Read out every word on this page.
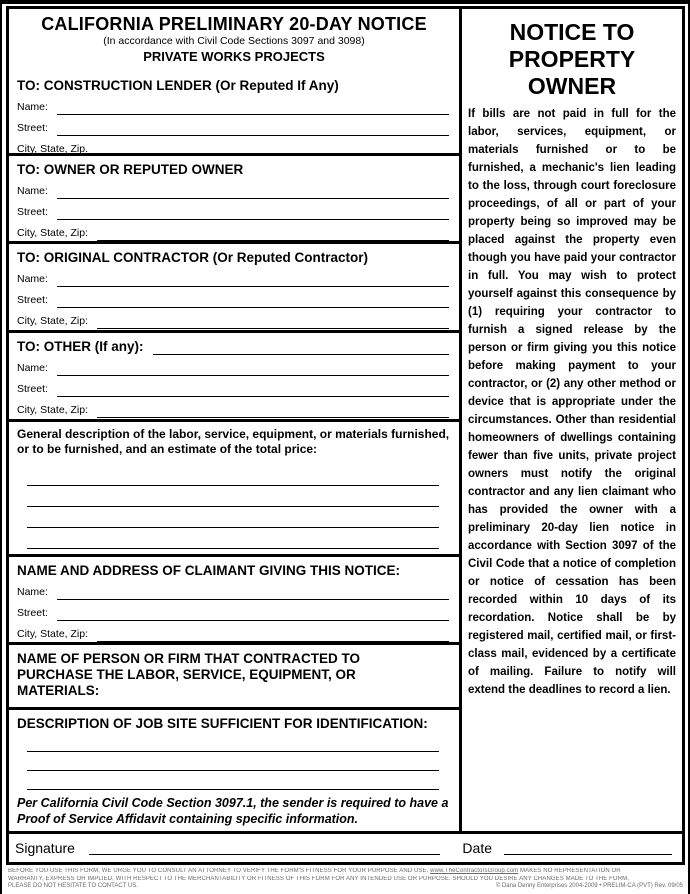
CALIFORNIA PRELIMINARY 20-DAY NOTICE
(In accordance with Civil Code Sections 3097 and 3098)
PRIVATE WORKS PROJECTS
TO: CONSTRUCTION LENDER (Or Reputed If Any)
Name:
Street:
City, State, Zip.
TO: OWNER OR REPUTED OWNER
Name:
Street:
City, State, Zip:
TO: ORIGINAL CONTRACTOR (Or Reputed Contractor)
Name:
Street:
City, State, Zip:
TO: OTHER (If any):
Name:
Street:
City, State, Zip:
General description of the labor, service, equipment, or materials furnished, or to be furnished, and an estimate of the total price:
NAME AND ADDRESS OF CLAIMANT GIVING THIS NOTICE:
Name:
Street:
City, State, Zip:
NAME OF PERSON OR FIRM THAT CONTRACTED TO PURCHASE THE LABOR, SERVICE, EQUIPMENT, OR MATERIALS:
DESCRIPTION OF JOB SITE SUFFICIENT FOR IDENTIFICATION:
Per California Civil Code Section 3097.1, the sender is required to have a Proof of Service Affidavit containing specific information.
NOTICE TO PROPERTY OWNER
If bills are not paid in full for the labor, services, equipment, or materials furnished or to be furnished, a mechanic's lien leading to the loss, through court foreclosure proceedings, of all or part of your property being so improved may be placed against the property even though you have paid your contractor in full. You may wish to protect yourself against this consequence by (1) requiring your contractor to furnish a signed release by the person or firm giving you this notice before making payment to your contractor, or (2) any other method or device that is appropriate under the circumstances. Other than residential homeowners of dwellings containing fewer than five units, private project owners must notify the original contractor and any lien claimant who has provided the owner with a preliminary 20-day lien notice in accordance with Section 3097 of the Civil Code that a notice of completion or notice of cessation has been recorded within 10 days of its recordation. Notice shall be by registered mail, certified mail, or first-class mail, evidenced by a certificate of mailing. Failure to notify will extend the deadlines to record a lien.
Signature	Date
BEFORE YOU USE THIS FORM, WE URGE YOU TO CONSULT AN ATTORNEY TO VERIFY THE FORM'S FITNESS FOR YOUR PURPOSE AND USE. www.TheContractorsGroup.com MAKES NO REPRESENTATION OR
WARRANTY, EXPRESS OR IMPLIED, WITH RESPECT TO THE MERCHANTABILITY OR FITNESS OF THIS FORM FOR ANY INTENDED USE OR PURPOSE. SHOULD YOU DESIRE ANY CHANGES MADE TO THE FORM,
PLEASE DO NOT HESITATE TO CONTACT US.	© Dana Denny Enterprises 2004-2009 • PRELIM-CA (PVT) Rev. 09/05
